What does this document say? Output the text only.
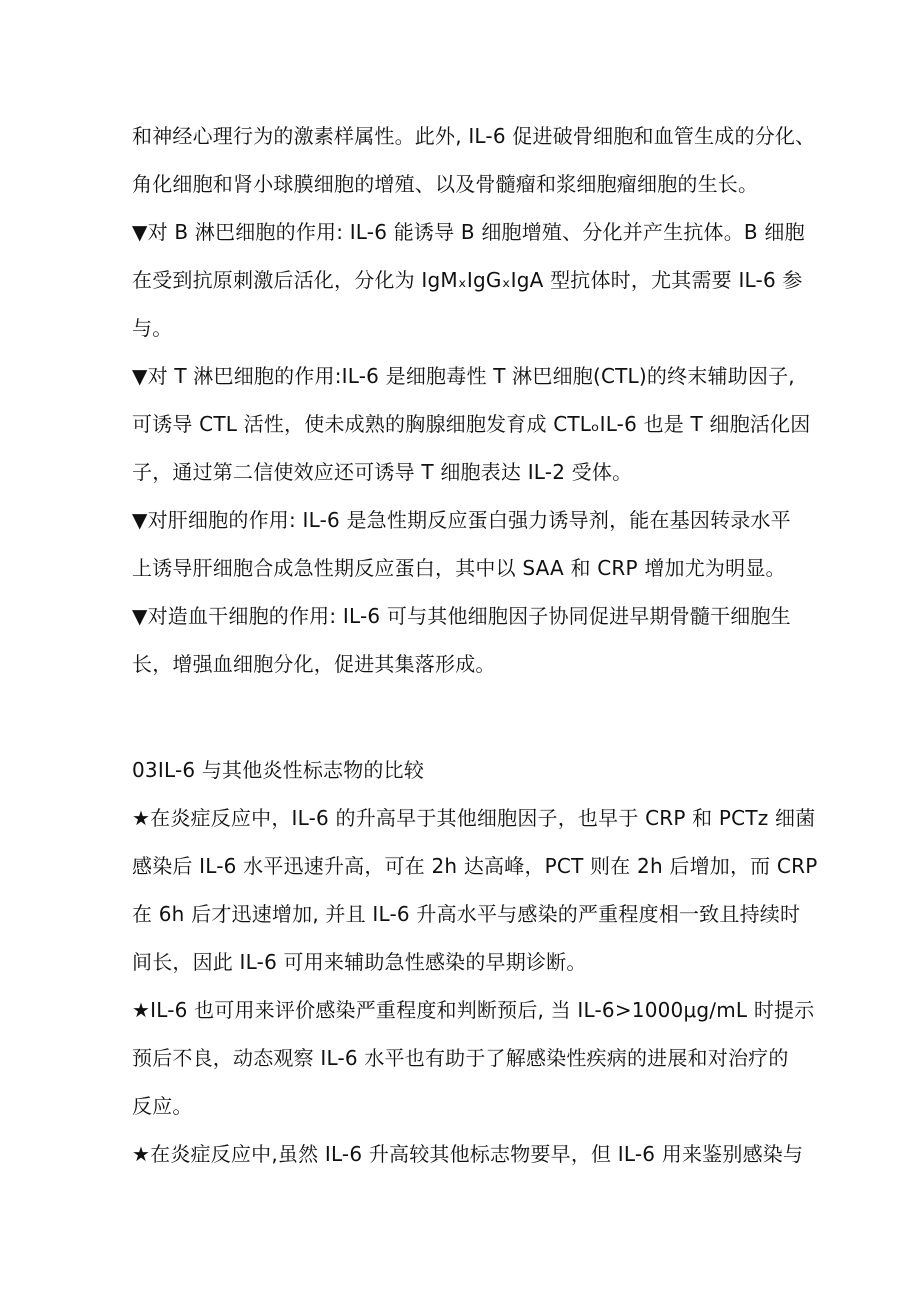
和神经心理行为的激素样属性。此外, IL-6 促进破骨细胞和血管生成的分化、
角化细胞和肾小球膜细胞的增殖、以及骨髓瘤和浆细胞瘤细胞的生长。
▼对 B 淋巴细胞的作用: IL-6 能诱导 B 细胞增殖、分化并产生抗体。B 细胞
在受到抗原刺激后活化，分化为 IgMₓIgGₓIgA 型抗体时，尤其需要 IL-6 参
与。
▼对 T 淋巴细胞的作用:IL-6 是细胞毒性 T 淋巴细胞(CTL)的终末辅助因子,
可诱导 CTL 活性，使未成熟的胸腺细胞发育成 CTLₒIL-6 也是 T 细胞活化因
子，通过第二信使效应还可诱导 T 细胞表达 IL-2 受体。
▼对肝细胞的作用: IL-6 是急性期反应蛋白强力诱导剂，能在基因转录水平
上诱导肝细胞合成急性期反应蛋白，其中以 SAA 和 CRP 增加尤为明显。
▼对造血干细胞的作用: IL-6 可与其他细胞因子协同促进早期骨髓干细胞生
长，增强血细胞分化，促进其集落形成。
03IL-6 与其他炎性标志物的比较
★在炎症反应中，IL-6 的升高早于其他细胞因子，也早于 CRP 和 PCTz 细菌
感染后 IL-6 水平迅速升高，可在 2h 达高峰，PCT 则在 2h 后增加，而 CRP
在 6h 后才迅速增加, 并且 IL-6 升高水平与感染的严重程度相一致且持续时
间长，因此 IL-6 可用来辅助急性感染的早期诊断。
★IL-6 也可用来评价感染严重程度和判断预后, 当 IL-6>1000μg∕mL 时提示
预后不良，动态观察 IL-6 水平也有助于了解感染性疾病的进展和对治疗的
反应。
★在炎症反应中,虽然 IL-6 升高较其他标志物要早，但 IL-6 用来鉴别感染与
